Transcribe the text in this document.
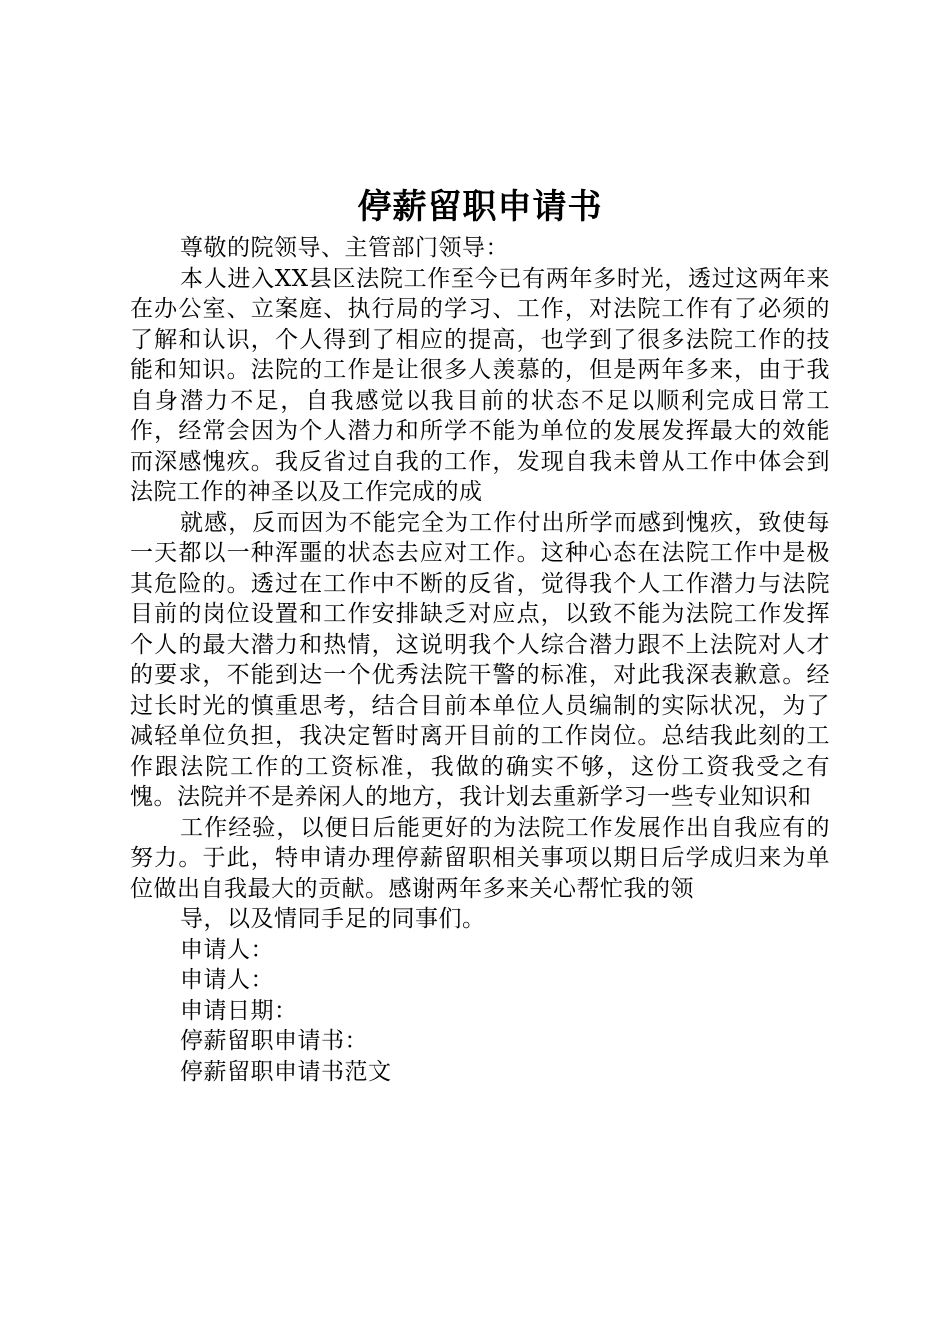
停薪留职申请书

尊敬的院领导、主管部门领导：

本人进入XX县区法院工作至今已有两年多时光，透过这两年来在办公室、立案庭、执行局的学习、工作，对法院工作有了必须的了解和认识，个人得到了相应的提高，也学到了很多法院工作的技能和知识。法院的工作是让很多人羡慕的，但是两年多来，由于我自身潜力不足，自我感觉以我目前的状态不足以顺利完成日常工作，经常会因为个人潜力和所学不能为单位的发展发挥最大的效能而深感愧疚。我反省过自我的工作，发现自我未曾从工作中体会到法院工作的神圣以及工作完成的成

就感，反而因为不能完全为工作付出所学而感到愧疚，致使每一天都以一种浑噩的状态去应对工作。这种心态在法院工作中是极其危险的。透过在工作中不断的反省，觉得我个人工作潜力与法院目前的岗位设置和工作安排缺乏对应点，以致不能为法院工作发挥个人的最大潜力和热情，这说明我个人综合潜力跟不上法院对人才的要求，不能到达一个优秀法院干警的标准，对此我深表歉意。经过长时光的慎重思考，结合目前本单位人员编制的实际状况，为了减轻单位负担，我决定暂时离开目前的工作岗位。总结我此刻的工作跟法院工作的工资标准，我做的确实不够，这份工资我受之有愧。法院并不是养闲人的地方，我计划去重新学习一些专业知识和

工作经验，以便日后能更好的为法院工作发展作出自我应有的努力。于此，特申请办理停薪留职相关事项以期日后学成归来为单位做出自我最大的贡献。感谢两年多来关心帮忙我的领

导，以及情同手足的同事们。

申请人：

申请人：

申请日期：

停薪留职申请书：

停薪留职申请书范文
